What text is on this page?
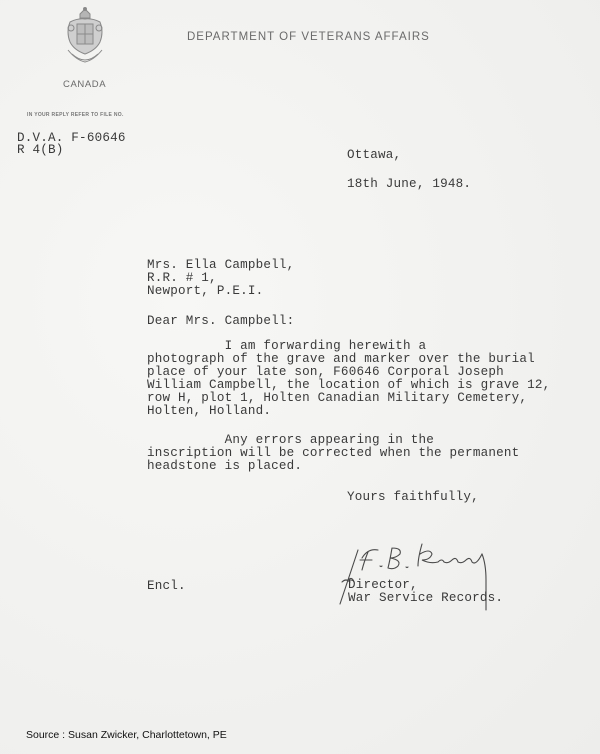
CANADA
DEPARTMENT OF VETERANS AFFAIRS
IN YOUR REPLY REFER TO FILE NO.
D.V.A. F-60646
R 4(B)	Ottawa,
18th June, 1948.
Mrs. Ella Campbell,
R.R. # 1,
Newport, P.E.I.
Dear Mrs. Campbell:
I am forwarding herewith a
photograph of the grave and marker over the burial
place of your late son, F60646 Corporal Joseph
William Campbell, the location of which is grave 12,
row H, plot 1, Holten Canadian Military Cemetery,
Holten, Holland.
Any errors appearing in the
inscription will be corrected when the permanent
headstone is placed.
Yours faithfully,
Encl.	Director,
War Service Records.
Source : Susan Zwicker, Charlottetown, PE
